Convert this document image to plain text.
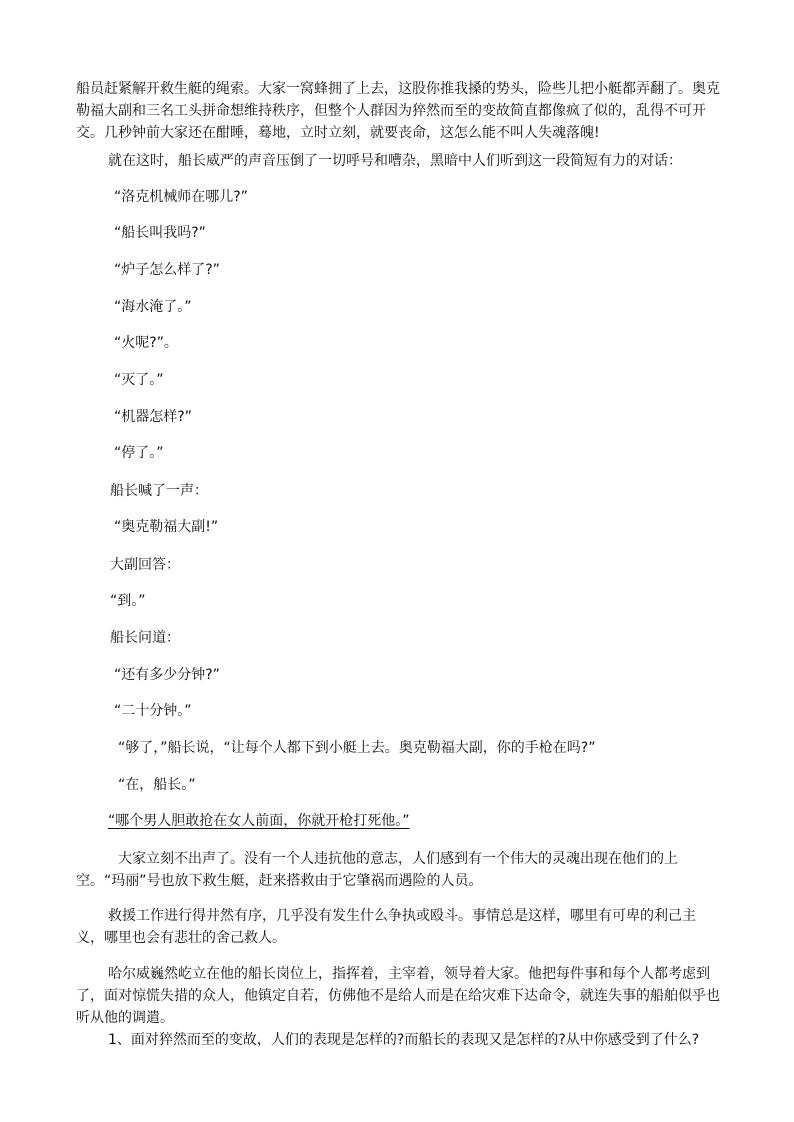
船员赶紧解开救生艇的绳索。大家一窝蜂拥了上去，这股你推我搡的势头，险些儿把小艇都弄翻了。奥克勒福大副和三名工头拼命想维持秩序，但整个人群因为猝然而至的变故简直都像疯了似的，乱得不可开交。几秒钟前大家还在酣睡，蓦地，立时立刻，就要丧命，这怎么能不叫人失魂落魄!
就在这时，船长威严的声音压倒了一切呼号和嘈杂，黑暗中人们听到这一段简短有力的对话：
“洛克机械师在哪儿?”
“船长叫我吗?”
“炉子怎么样了?”
“海水淹了。”
“火呢?”。
“灭了。”
“机器怎样?”
“停了。”
船长喊了一声：
“奥克勒福大副!”
大副回答：
“到。”
船长问道：
“还有多少分钟?”
“二十分钟。”
“够了，”船长说，“让每个人都下到小艇上去。奥克勒福大副，你的手枪在吗?”
“在，船长。”
“哪个男人胆敢抢在女人前面，你就开枪打死他。”
大家立刻不出声了。没有一个人违抗他的意志，人们感到有一个伟大的灵魂出现在他们的上空。“玛丽”号也放下救生艇，赶来搭救由于它肇祸而遇险的人员。
救援工作进行得井然有序，几乎没有发生什么争执或殴斗。事情总是这样，哪里有可卑的利己主义，哪里也会有悲壮的舍己救人。
哈尔威巍然屹立在他的船长岗位上，指挥着，主宰着，领导着大家。他把每件事和每个人都考虑到了，面对惊慌失措的众人，他镇定自若，仿佛他不是给人而是在给灾难下达命令，就连失事的船舶似乎也听从他的调遣。
1、面对猝然而至的变故，人们的表现是怎样的?而船长的表现又是怎样的?从中你感受到了什么?
